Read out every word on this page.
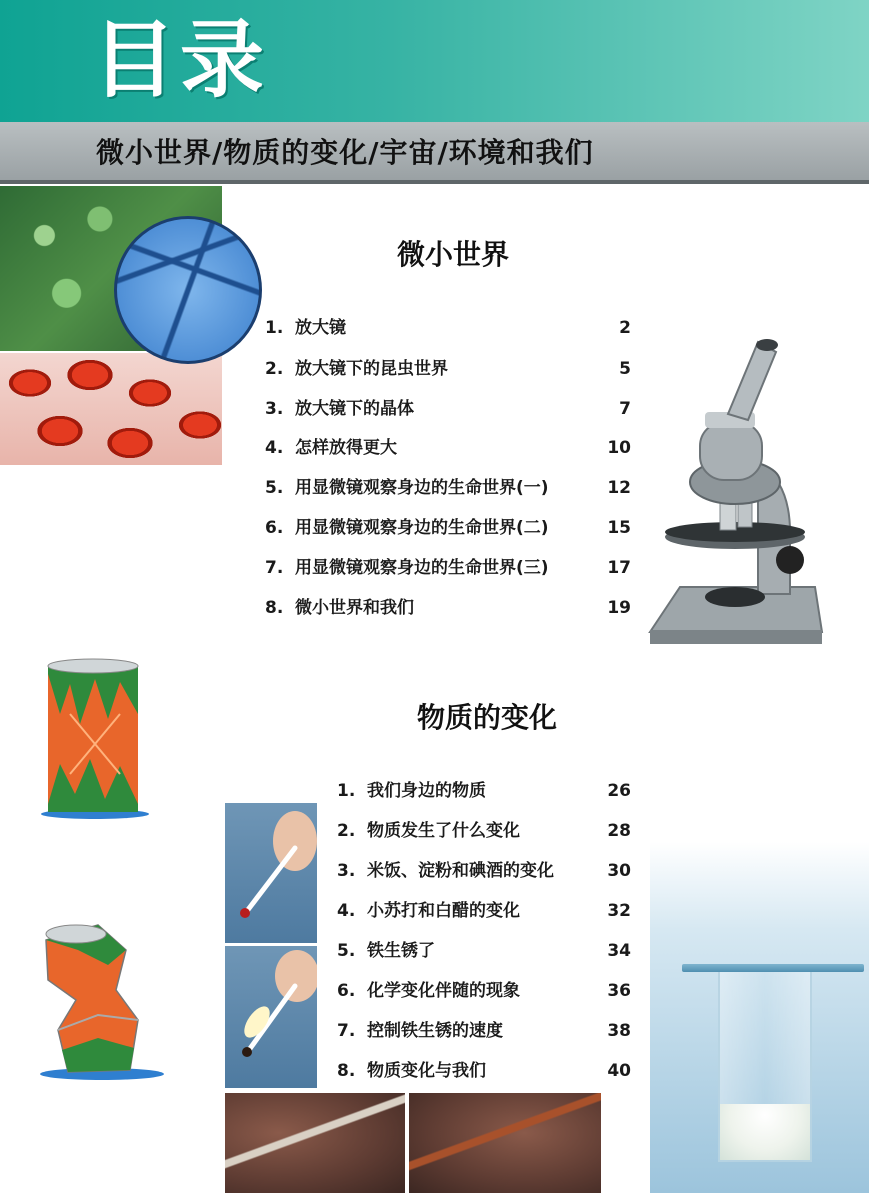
目录
微小世界/物质的变化/宇宙/环境和我们
微小世界
1. 放大镜	2
2. 放大镜下的昆虫世界	5
3. 放大镜下的晶体	7
4. 怎样放得更大	10
5. 用显微镜观察身边的生命世界(一)	12
6. 用显微镜观察身边的生命世界(二)	15
7. 用显微镜观察身边的生命世界(三)	17
8. 微小世界和我们	19
物质的变化
1. 我们身边的物质	26
2. 物质发生了什么变化	28
3. 米饭、淀粉和碘酒的变化	30
4. 小苏打和白醋的变化	32
5. 铁生锈了	34
6. 化学变化伴随的现象	36
7. 控制铁生锈的速度	38
8. 物质变化与我们	40
